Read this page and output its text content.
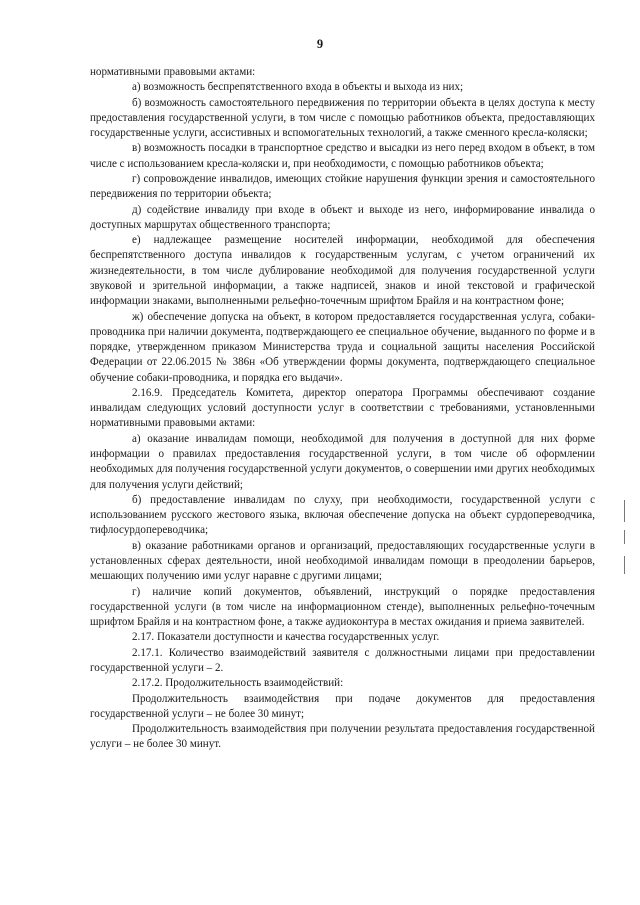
9

нормативными правовыми актами:

а) возможность беспрепятственного входа в объекты и выхода из них;

б) возможность самостоятельного передвижения по территории объекта в целях доступа к месту предоставления государственной услуги, в том числе с помощью работников объекта, предоставляющих государственные услуги, ассистивных и вспомогательных технологий, а также сменного кресла-коляски;

в) возможность посадки в транспортное средство и высадки из него перед входом в объект, в том числе с использованием кресла-коляски и, при необходимости, с помощью работников объекта;

г) сопровождение инвалидов, имеющих стойкие нарушения функции зрения и самостоятельного передвижения по территории объекта;

д) содействие инвалиду при входе в объект и выходе из него, информирование инвалида о доступных маршрутах общественного транспорта;

е) надлежащее размещение носителей информации, необходимой для обеспечения беспрепятственного доступа инвалидов к государственным услугам, с учетом ограничений их жизнедеятельности, в том числе дублирование необходимой для получения государственной услуги звуковой и зрительной информации, а также надписей, знаков и иной текстовой и графической информации знаками, выполненными рельефно-точечным шрифтом Брайля и на контрастном фоне;

ж) обеспечение допуска на объект, в котором предоставляется государственная услуга, собаки-проводника при наличии документа, подтверждающего ее специальное обучение, выданного по форме и в порядке, утвержденном приказом Министерства труда и социальной защиты населения Российской Федерации от 22.06.2015 № 386н «Об утверждении формы документа, подтверждающего специальное обучение собаки-проводника, и порядка его выдачи».

2.16.9. Председатель Комитета, директор оператора Программы обеспечивают создание инвалидам следующих условий доступности услуг в соответствии с требованиями, установленными нормативными правовыми актами:

а) оказание инвалидам помощи, необходимой для получения в доступной для них форме информации о правилах предоставления государственной услуги, в том числе об оформлении необходимых для получения государственной услуги документов, о совершении ими других необходимых для получения услуги действий;

б) предоставление инвалидам по слуху, при необходимости, государственной услуги с использованием русского жестового языка, включая обеспечение допуска на объект сурдопереводчика, тифлосурдопереводчика;

в) оказание работниками органов и организаций, предоставляющих государственные услуги в установленных сферах деятельности, иной необходимой инвалидам помощи в преодолении барьеров, мешающих получению ими услуг наравне с другими лицами;

г) наличие копий документов, объявлений, инструкций о порядке предоставления государственной услуги (в том числе на информационном стенде), выполненных рельефно-точечным шрифтом Брайля и на контрастном фоне, а также аудиоконтура в местах ожидания и приема заявителей.

2.17. Показатели доступности и качества государственных услуг.

2.17.1. Количество взаимодействий заявителя с должностными лицами при предоставлении государственной услуги – 2.

2.17.2. Продолжительность взаимодействий:

Продолжительность взаимодействия при подаче документов для предоставления государственной услуги – не более 30 минут;

Продолжительность взаимодействия при получении результата предоставления государственной услуги – не более 30 минут.
